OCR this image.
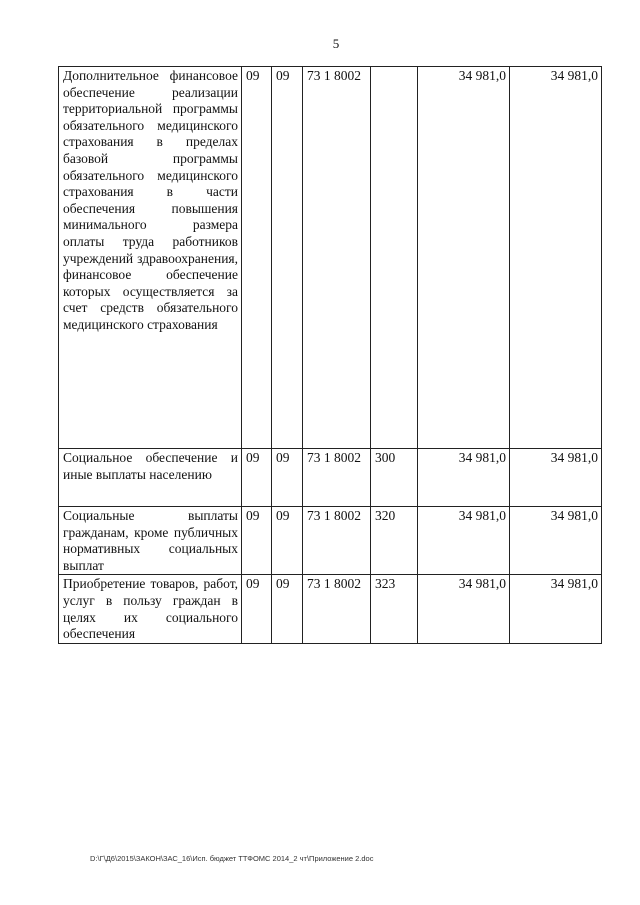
5
Дополнительное финансовое обеспечение реализации территориальной программы обязательного медицинского страхования в пределах базовой программы обязательного медицинского страхования в части обеспечения повышения минимального размера оплаты труда работников учреждений здравоохранения, финансовое обеспечение которых осуществляется за счет средств обязательного медицинского страхования	09	09	73 1 8002		34 981,0	34 981,0
Социальное обеспечение и иные выплаты населению	09	09	73 1 8002	300	34 981,0	34 981,0
Социальные выплаты гражданам, кроме публичных нормативных социальных выплат	09	09	73 1 8002	320	34 981,0	34 981,0
Приобретение товаров, работ, услуг в пользу граждан в целях их социального обеспечения	09	09	73 1 8002	323	34 981,0	34 981,0
D:\Г\Д6\2015\ЗАКОН\ЗАС_16\Исп. бюджет ТТФОМС 2014_2 чт\Приложение 2.doc
